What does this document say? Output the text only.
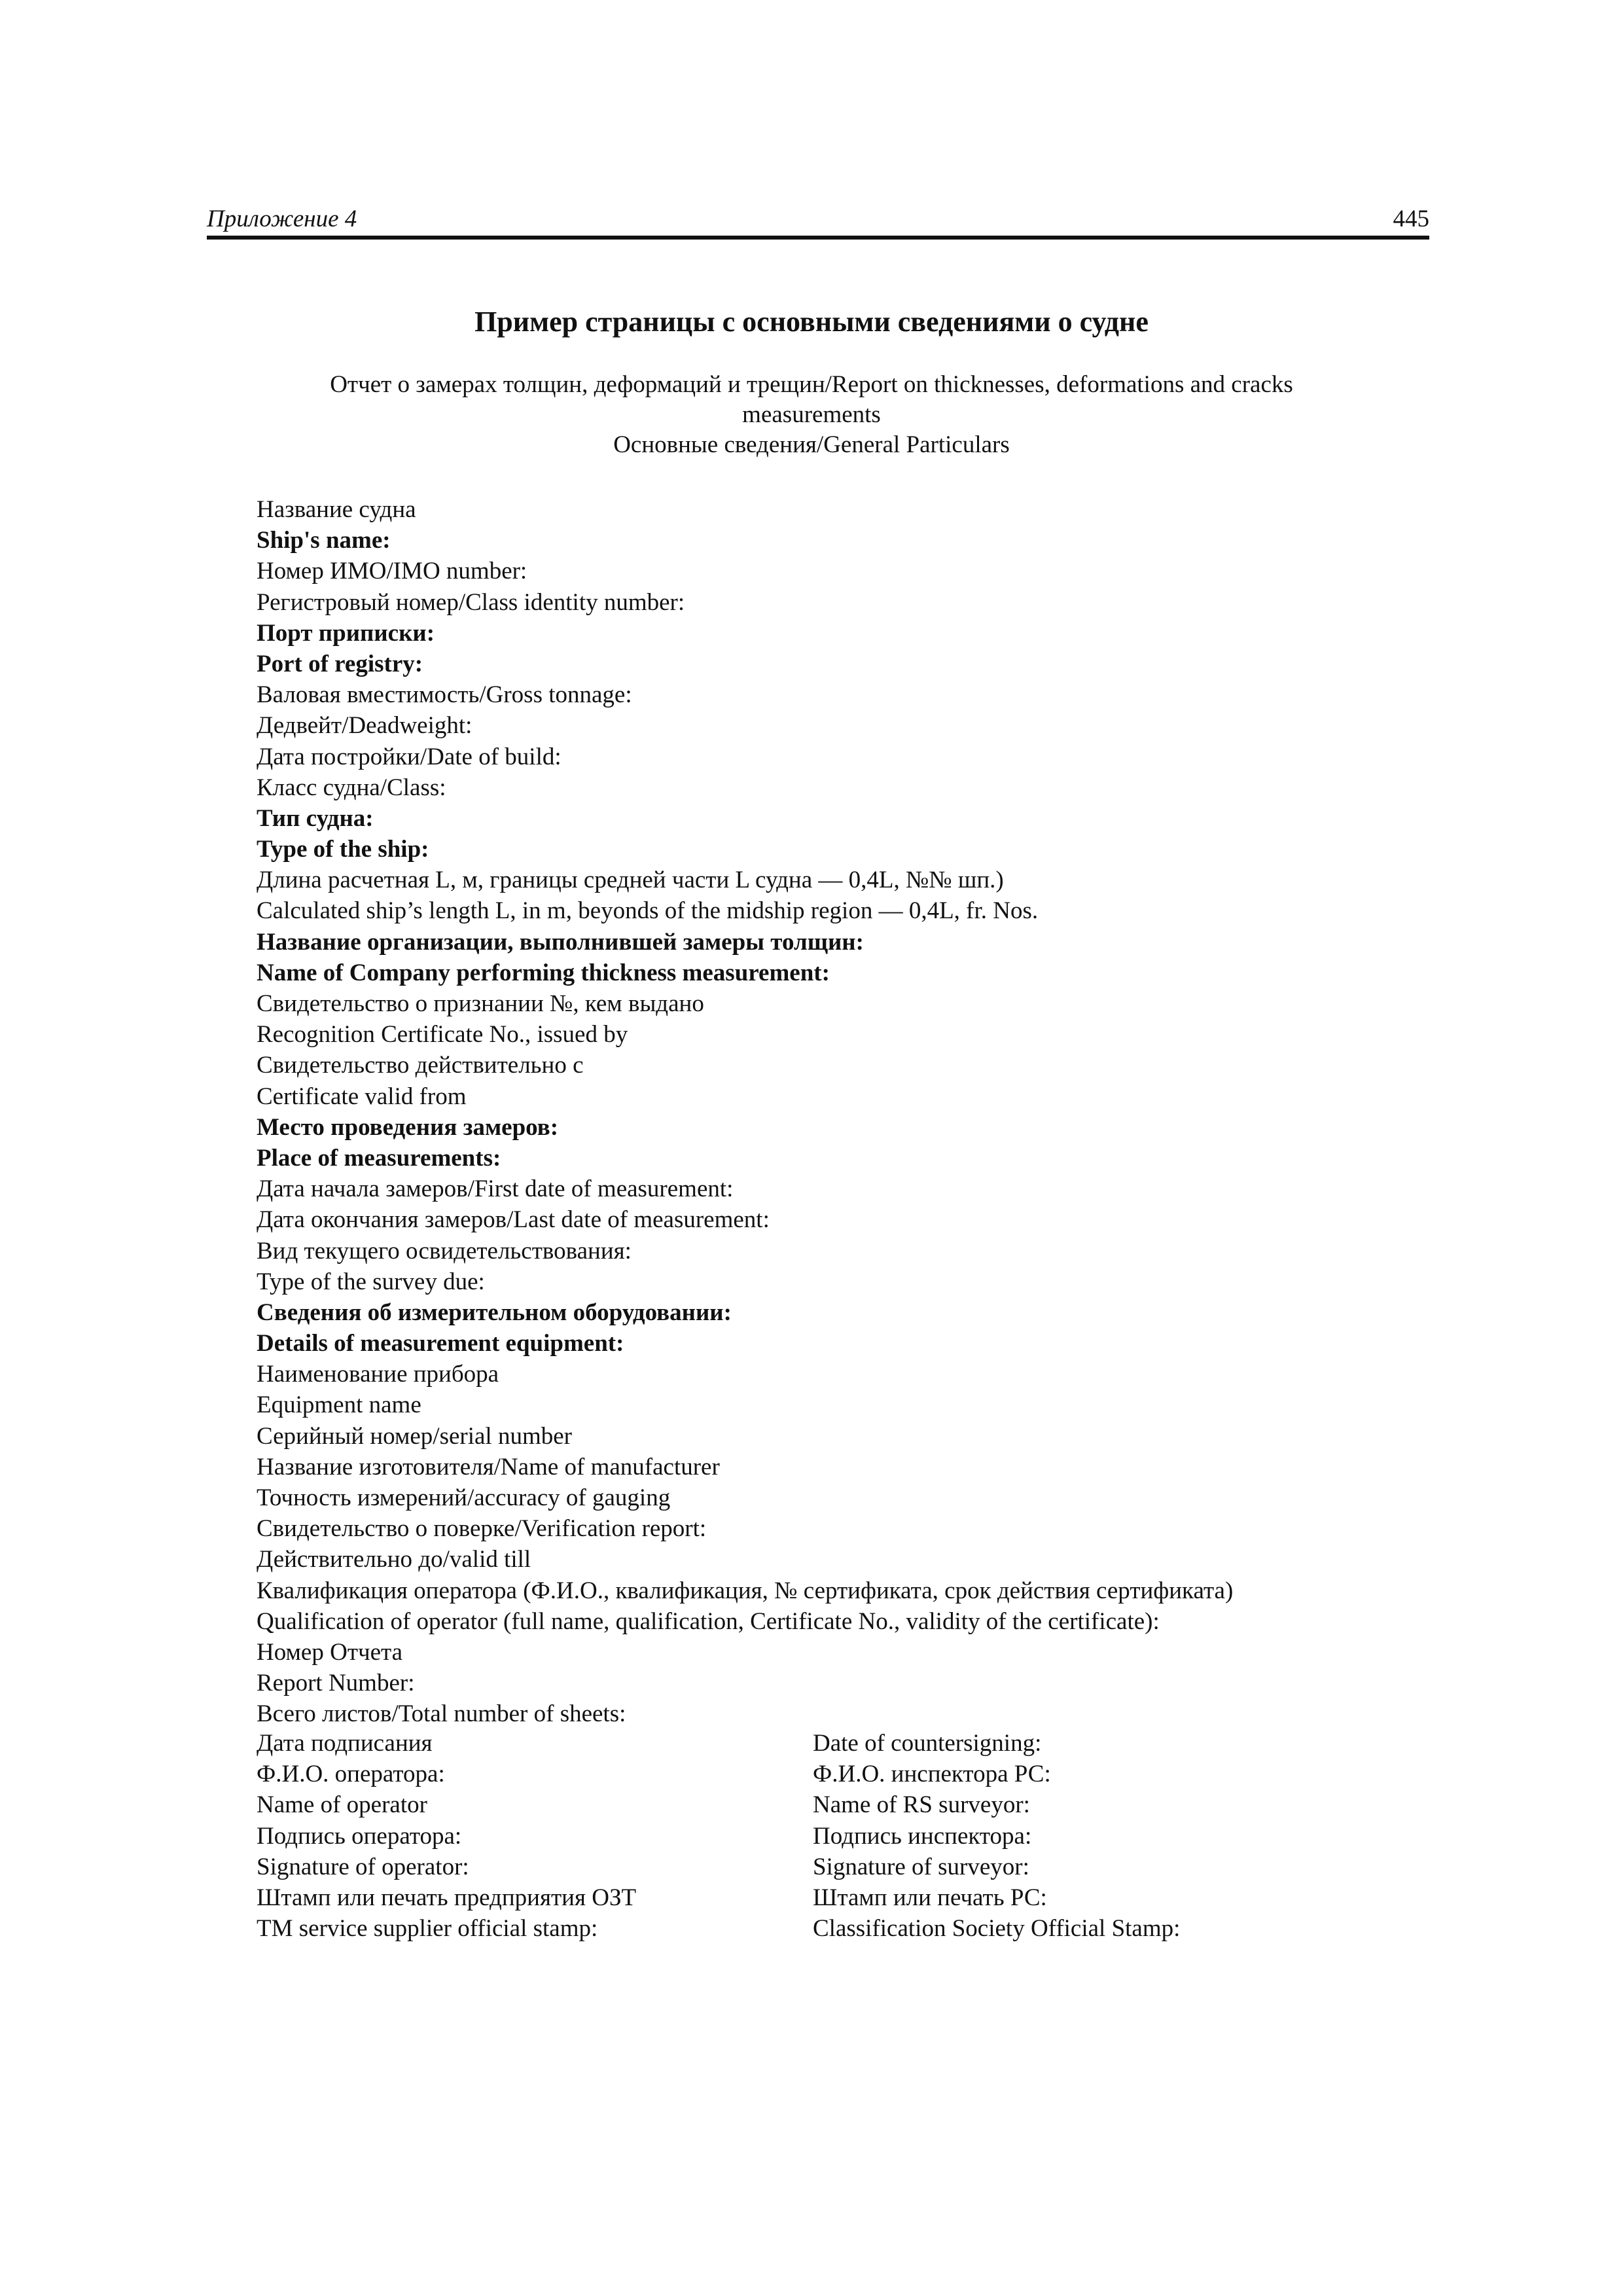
Приложение 4	445
Пример страницы с основными сведениями о судне
Отчет о замерах толщин, деформаций и трещин/Report on thicknesses, deformations and cracks
measurements
Основные сведения/General Particulars
Название судна
Ship's name:
Номер ИМО/IMO number:
Регистровый номер/Class identity number:
Порт приписки:
Port of registry:
Валовая вместимость/Gross tonnage:
Дедвейт/Deadweight:
Дата постройки/Date of build:
Класс судна/Class:
Тип судна:
Type of the ship:
Длина расчетная L, м, границы средней части L судна — 0,4L, №№ шп.)
Calculated ship’s length L, in m, beyonds of the midship region — 0,4L, fr. Nos.
Название организации, выполнившей замеры толщин:
Name of Company performing thickness measurement:
Свидетельство о признании №, кем выдано
Recognition Certificate No., issued by
Свидетельство действительно с
Certificate valid from
Место проведения замеров:
Place of measurements:
Дата начала замеров/First date of measurement:
Дата окончания замеров/Last date of measurement:
Вид текущего освидетельствования:
Type of the survey due:
Сведения об измерительном оборудовании:
Details of measurement equipment:
Наименование прибора
Equipment name
Серийный номер/serial number
Название изготовителя/Name of manufacturer
Точность измерений/accuracy of gauging
Свидетельство о поверке/Verification report:
Действительно до/valid till
Квалификация оператора (Ф.И.О., квалификация, № сертификата, срок действия сертификата)
Qualification of operator (full name, qualification, Certificate No., validity of the certificate):
Номер Отчета
Report Number:
Всего листов/Total number of sheets:
Дата подписания	Date of countersigning:
Ф.И.О. оператора:	Ф.И.О. инспектора РС:
Name of operator	Name of RS surveyor:
Подпись оператора:	Подпись инспектора:
Signature of operator:	Signature of surveyor:
Штамп или печать предприятия ОЗТ	Штамп или печать РС:
TM service supplier official stamp:	Classification Society Official Stamp:
